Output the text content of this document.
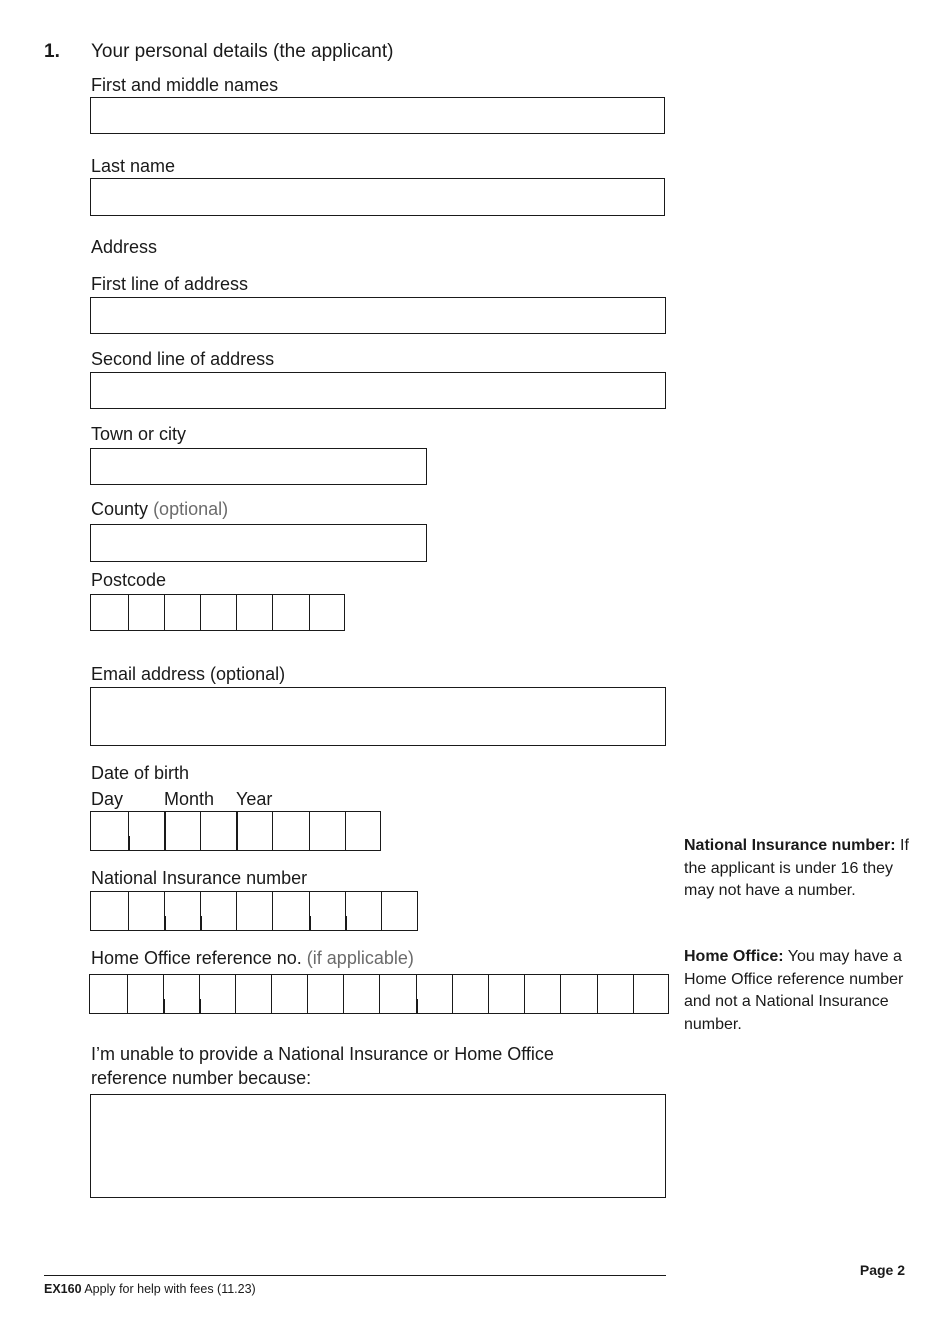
1. Your personal details (the applicant)
First and middle names
Last name
Address
First line of address
Second line of address
Town or city
County (optional)
Postcode
Email address (optional)
Date of birth
Day Month Year
National Insurance number
Home Office reference no. (if applicable)
I’m unable to provide a National Insurance or Home Office
reference number because:
National Insurance number: If the applicant is under 16 they may not have a number.
Home Office: You may have a Home Office reference number and not a National Insurance number.
Page 2
EX160 Apply for help with fees (11.23)
